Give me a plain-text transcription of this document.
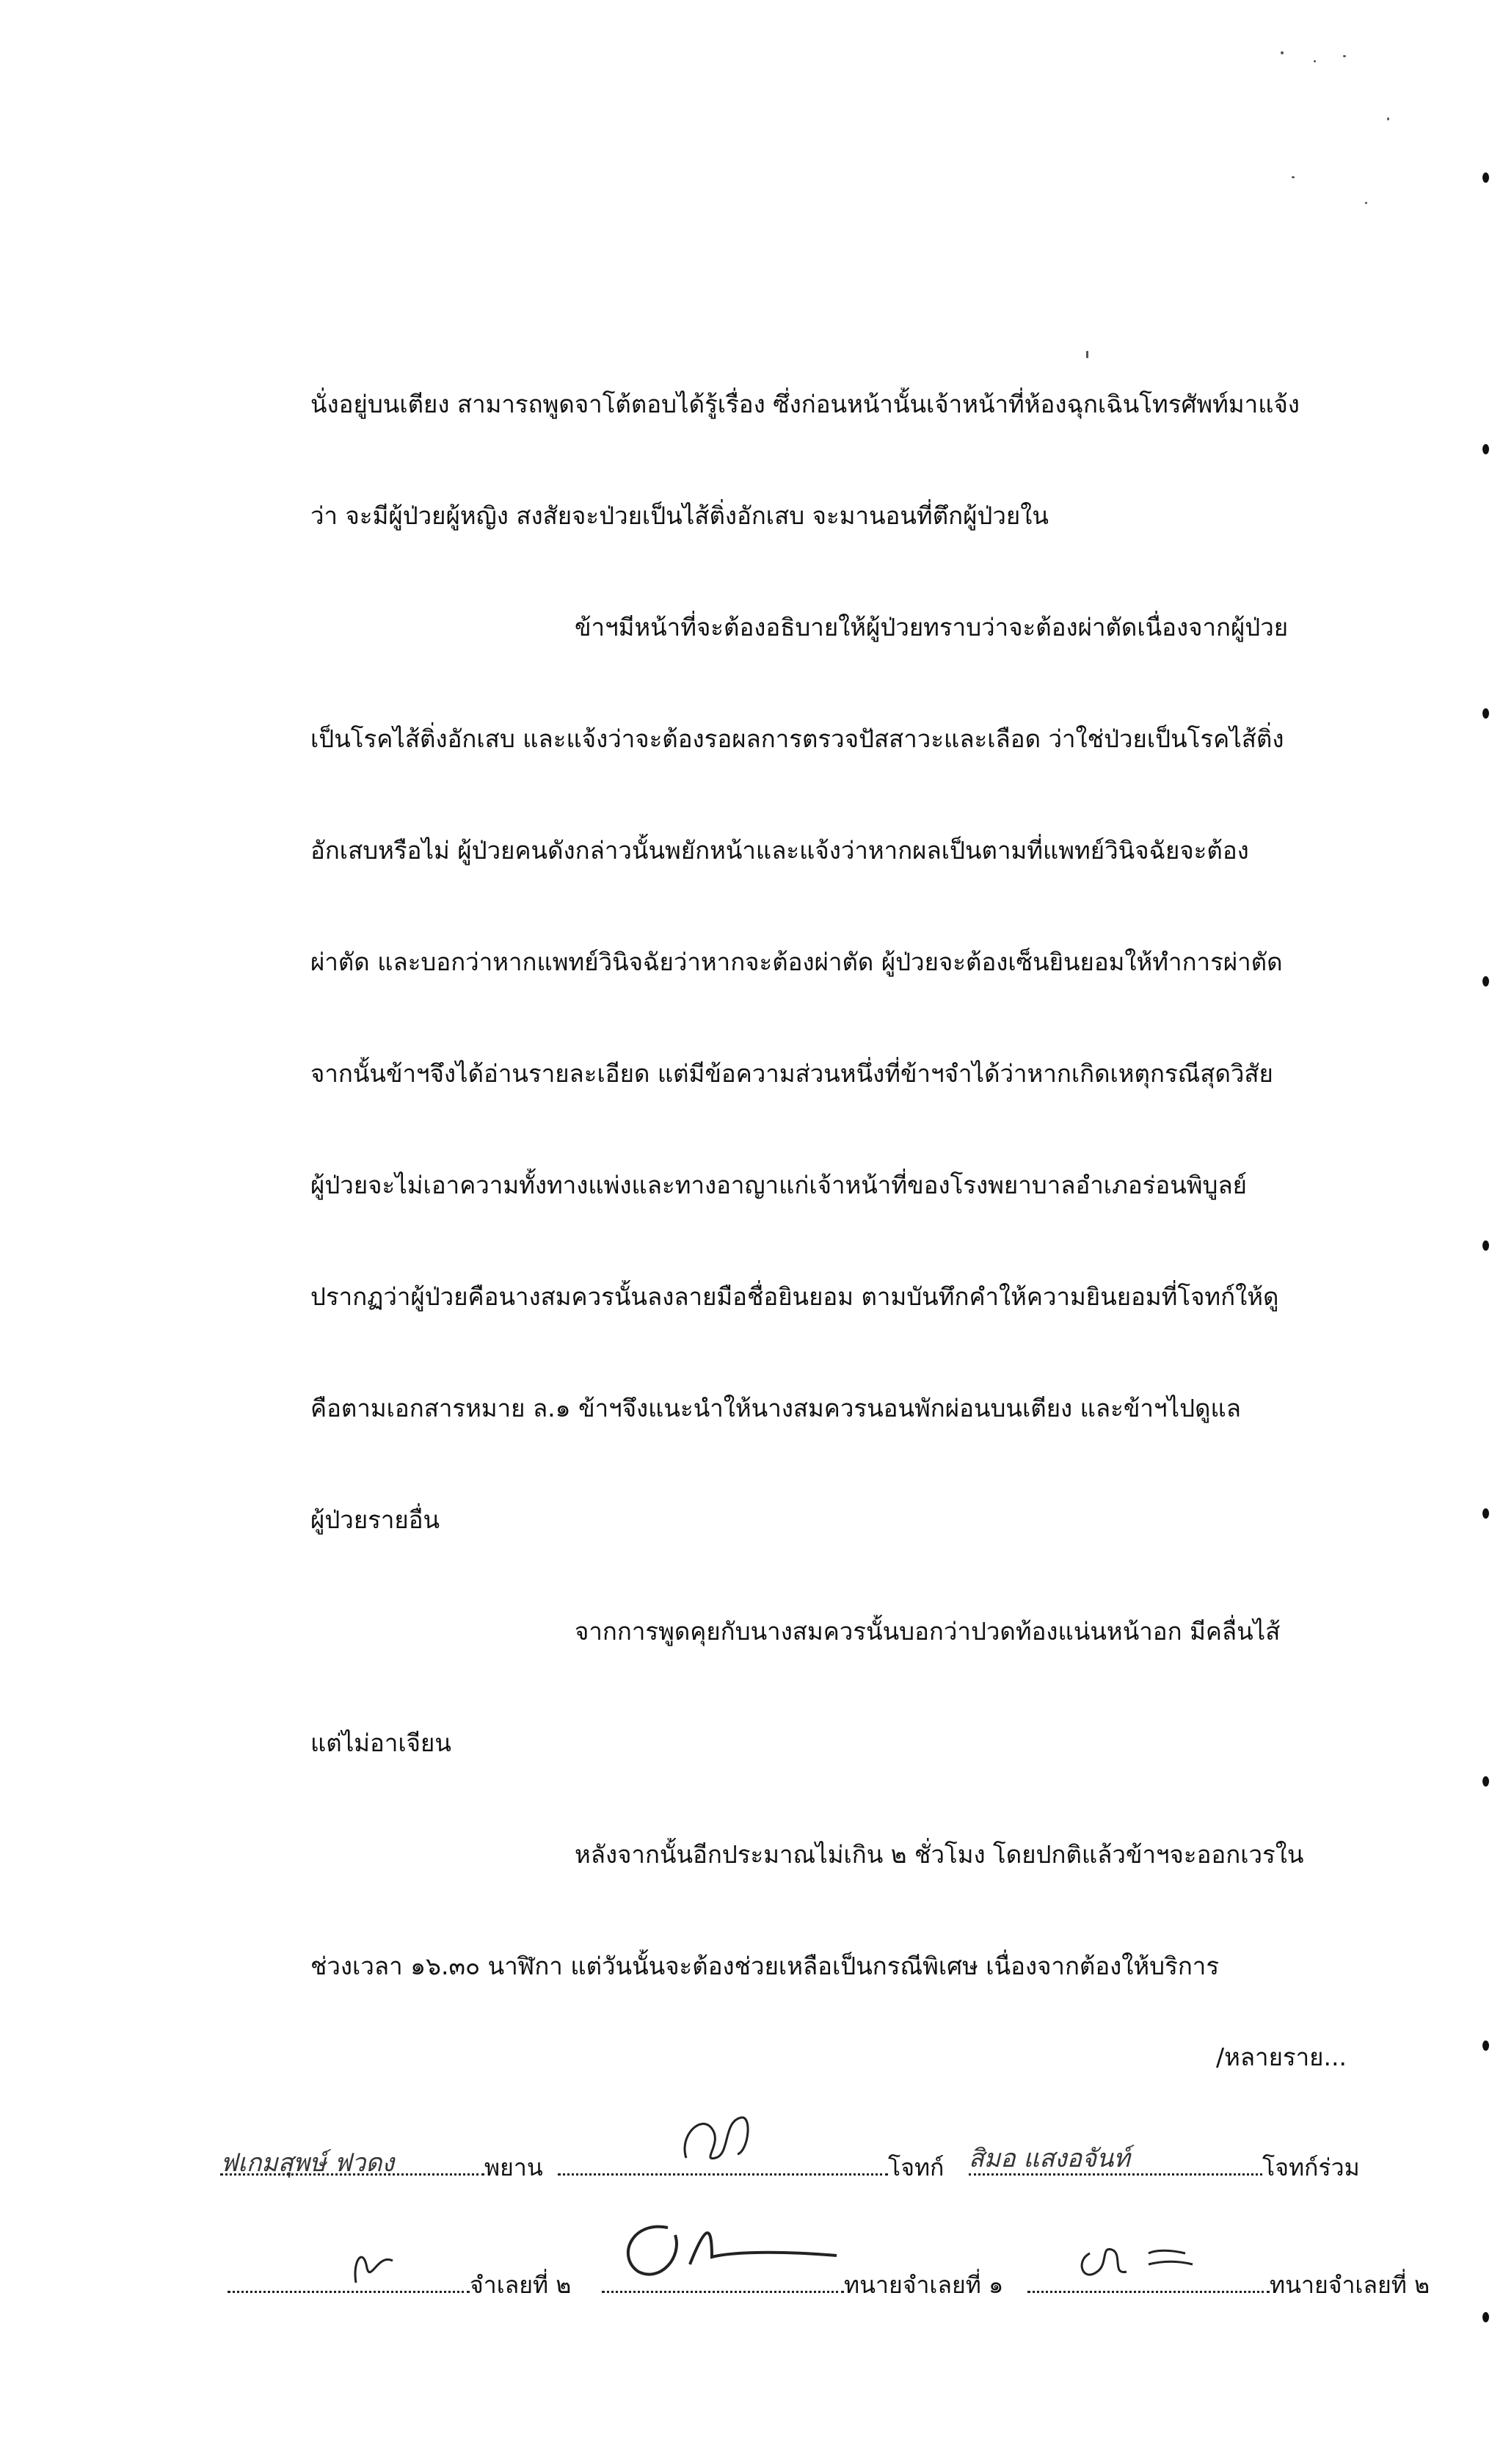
นั่งอยู่บนเตียง สามารถพูดจาโต้ตอบได้รู้เรื่อง ซึ่งก่อนหน้านั้นเจ้าหน้าที่ห้องฉุกเฉินโทรศัพท์มาแจ้ง
ว่า จะมีผู้ป่วยผู้หญิง สงสัยจะป่วยเป็นไส้ติ่งอักเสบ จะมานอนที่ตึกผู้ป่วยใน
ข้าฯมีหน้าที่จะต้องอธิบายให้ผู้ป่วยทราบว่าจะต้องผ่าตัดเนื่องจากผู้ป่วย
เป็นโรคไส้ติ่งอักเสบ และแจ้งว่าจะต้องรอผลการตรวจปัสสาวะและเลือด ว่าใช่ป่วยเป็นโรคไส้ติ่ง
อักเสบหรือไม่ ผู้ป่วยคนดังกล่าวนั้นพยักหน้าและแจ้งว่าหากผลเป็นตามที่แพทย์วินิจฉัยจะต้อง
ผ่าตัด และบอกว่าหากแพทย์วินิจฉัยว่าหากจะต้องผ่าตัด ผู้ป่วยจะต้องเซ็นยินยอมให้ทำการผ่าตัด
จากนั้นข้าฯจึงได้อ่านรายละเอียด แต่มีข้อความส่วนหนึ่งที่ข้าฯจำได้ว่าหากเกิดเหตุกรณีสุดวิสัย
ผู้ป่วยจะไม่เอาความทั้งทางแพ่งและทางอาญาแก่เจ้าหน้าที่ของโรงพยาบาลอำเภอร่อนพิบูลย์
ปรากฏว่าผู้ป่วยคือนางสมควรนั้นลงลายมือชื่อยินยอม ตามบันทึกคำให้ความยินยอมที่โจทก์ให้ดู
คือตามเอกสารหมาย ล.๑ ข้าฯจึงแนะนำให้นางสมควรนอนพักผ่อนบนเตียง และข้าฯไปดูแล
ผู้ป่วยรายอื่น
จากการพูดคุยกับนางสมควรนั้นบอกว่าปวดท้องแน่นหน้าอก มีคลื่นไส้
แต่ไม่อาเจียน
หลังจากนั้นอีกประมาณไม่เกิน ๒ ชั่วโมง โดยปกติแล้วข้าฯจะออกเวรใน
ช่วงเวลา ๑๖.๓๐ นาฬิกา แต่วันนั้นจะต้องช่วยเหลือเป็นกรณีพิเศษ เนื่องจากต้องให้บริการ
/หลายราย...
ฟเกมสุพษ์ ฟวดง	พยาน	โจทก์ สิมอ แสงอจันท์	โจทก์ร่วม
จำเลยที่ ๒	ทนายจำเลยที่ ๑	ทนายจำเลยที่ ๒
